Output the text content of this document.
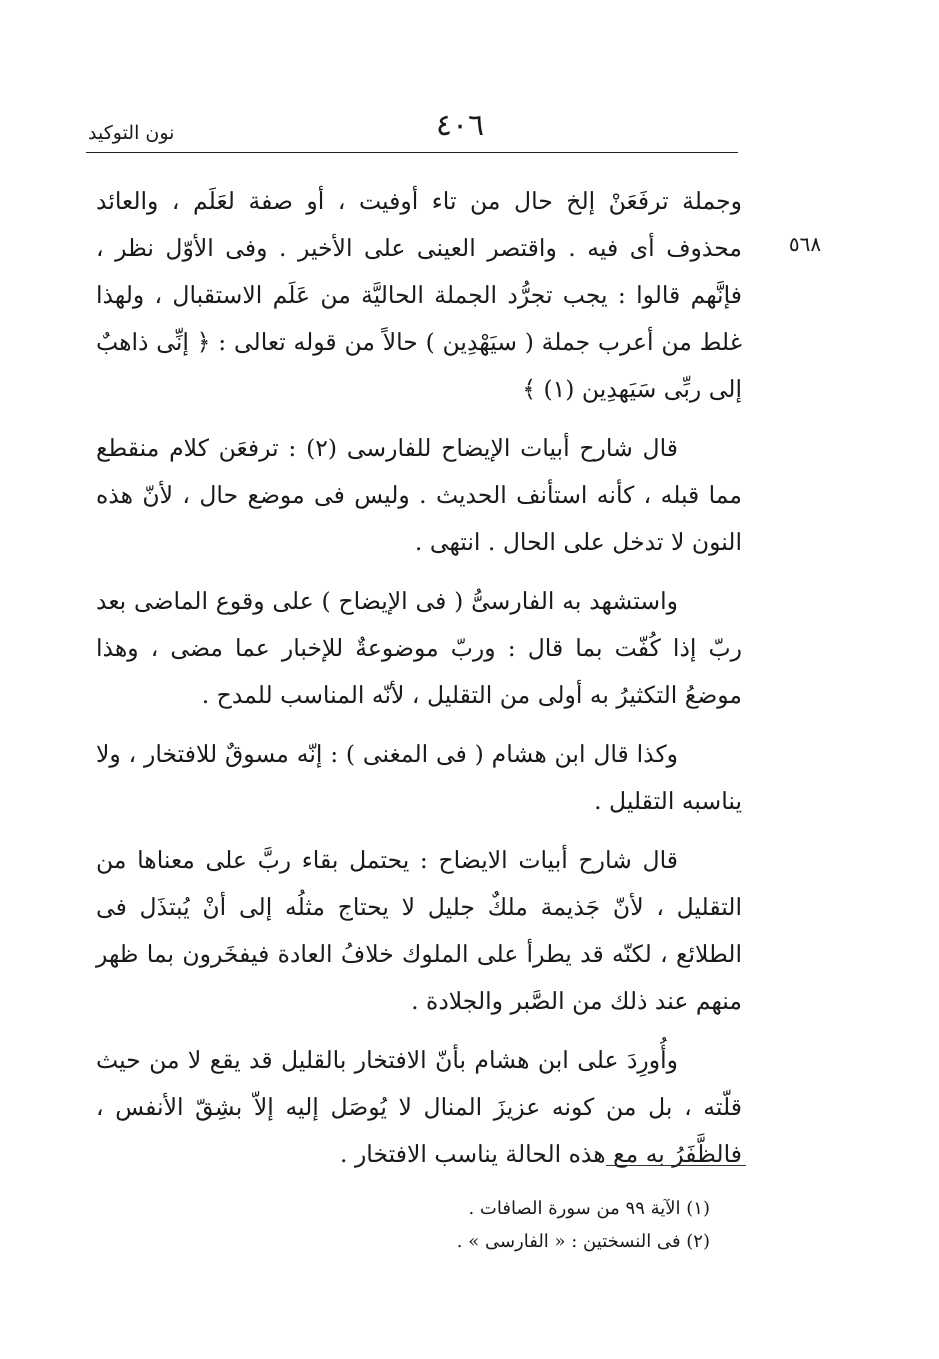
٤٠٦
نون التوكيد
٥٦٨

وجملة ترفَعَنْ إلخ حال من تاء أوفيت ، أو صفة لعَلَم ، والعائد محذوف أى فيه . واقتصر العينى على الأخير . وفى الأوّل نظر ، فإنَّهم قالوا : يجب تجرُّد الجملة الحاليَّة من عَلَم الاستقبال ، ولهذا غلط من أعرب جملة ( سيَهْدِين ) حالاً من قوله تعالى : ﴿ إنِّى ذاهبٌ إلى ربِّى سَيَهدِين (١) ﴾

قال شارح أبيات الإيضاح للفارسى (٢) : ترفعَن كلام منقطع مما قبله ، كأنه استأنف الحديث . وليس فى موضع حال ، لأنّ هذه النون لا تدخل على الحال . انتهى .

واستشهد به الفارسىُّ ( فى الإيضاح ) على وقوع الماضى بعد ربّ إذا كُفّت بما قال : وربّ موضوعةٌ للإخبار عما مضى ، وهذا موضعُ التكثيرُ به أولى من التقليل ، لأنّه المناسب للمدح .

وكذا قال ابن هشام ( فى المغنى ) : إنّه مسوقٌ للافتخار ، ولا يناسبه التقليل .

قال شارح أبيات الايضاح : يحتمل بقاء ربَّ على معناها من التقليل ، لأنّ جَذيمة ملكٌ جليل لا يحتاج مثلُه إلى أنْ يُبتذَل فى الطلائع ، لكنّه قد يطرأ على الملوك خلافُ العادة فيفخَرون بما ظهر منهم عند ذلك من الصَّبر والجلادة .

وأُورِدَ على ابن هشام بأنّ الافتخار بالقليل قد يقع لا من حيث قلّته ، بل من كونه عزيزَ المنال لا يُوصَل إليه إلاّ بشِقّ الأنفس ، فالظَّفَرُ به مع هذه الحالة يناسب الافتخار .

(١) الآية ٩٩ من سورة الصافات .

(٢) فى النسختين : « الفارسى » .
